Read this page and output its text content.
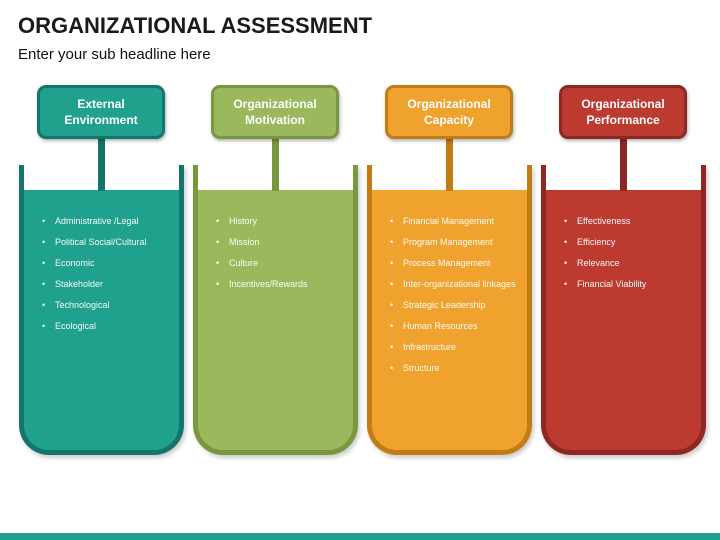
ORGANIZATIONAL ASSESSMENT
Enter your sub headline here
External Environment
• Administrative /Legal
• Political Social/Cultural
• Economic
• Stakeholder
• Technological
• Ecological
Organizational Motivation
• History
• Mission
• Culture
• Incentives/Rewards
Organizational Capacity
• Financial Management
• Program Management
• Process Management
• Inter-organizational linkages
• Strategic Leadership
• Human Resources
• Infrastructure
• Structure
Organizational Performance
• Effectiveness
• Efficiency
• Relevance
• Financial Viability
